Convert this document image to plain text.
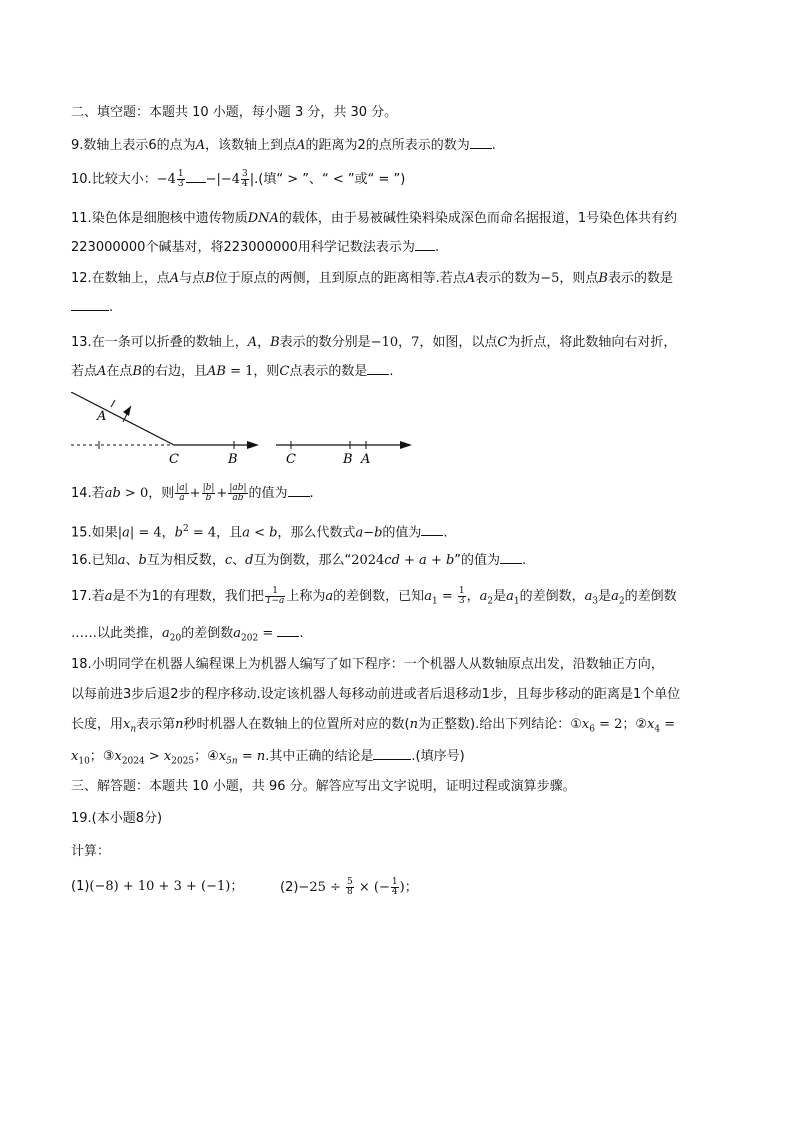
二、填空题：本题共 10 小题，每小题 3 分，共 30 分。
9.数轴上表示6的点为A，该数轴上到点A的距离为2的点所表示的数为 .
10.比较大小：$-4 \frac{1}{3} -|-4 \frac{3}{4}$ |.(填“ > ”、“ < ”或“ = ”)
11.染色体是细胞核中遗传物质DNA的载体，由于易被碱性染料染成深色而命名据报道，1号染色体共有约
223000000个碱基对，将223000000用科学记数法表示为 .
12.在数轴上，点A与点B位于原点的两侧，且到原点的距离相等.若点A表示的数为−5，则点B表示的数是
.
13.在一条可以折叠的数轴上，A，B表示的数分别是−10，7，如图，以点C为折点，将此数轴向右对折，
若点A在点B的右边，且AB = 1，则C点表示的数是 .
A
C	B	C	B A
14.若ab > 0，则 $\frac{|a|}{a} + \frac{|b|}{b} + \frac{|ab|}{ab}$ 的值为 .
15.如果|a| = 4，$b^2 = 4$，且a < b，那么代数式a−b的值为 .
16.已知a、b互为相反数，c、d互为倒数，那么“2024cd + a + b”的值为 .
17.若a是不为1的有理数，我们把 $\frac{1}{1-a}$ 上称为a的差倒数，已知$a_1 = \frac{1}{3}$ ，$a_2$是$a_1$的差倒数，$a_3$是$a_2$的差倒数
……以此类推，$a_{20}$的差倒数$a_{202}$ = .
18.小明同学在机器人编程课上为机器人编写了如下程序：一个机器人从数轴原点出发，沿数轴正方向，
以每前进3步后退2步的程序移动.设定该机器人每移动前进或者后退移动1步，且每步移动的距离是1个单位
长度，用$x_n$表示第n秒时机器人在数轴上的位置所对应的数(n为正整数).给出下列结论：$①x_6 = 2$；$②x_4$ =
$x_{10}$；$③x_{2024} > x_{2025}$；$④x_{5n} = n$.其中正确的结论是	.(填序号)
三、解答题：本题共 10 小题，共 96 分。解答应写出文字说明，证明过程或演算步骤。
19.(本小题8分)
计算：
(1)(−8) + 10 + 3 + (−1)；	$(2)-25 \div \frac{5}{8}$ × (− $\frac{1}{4}$ )；
